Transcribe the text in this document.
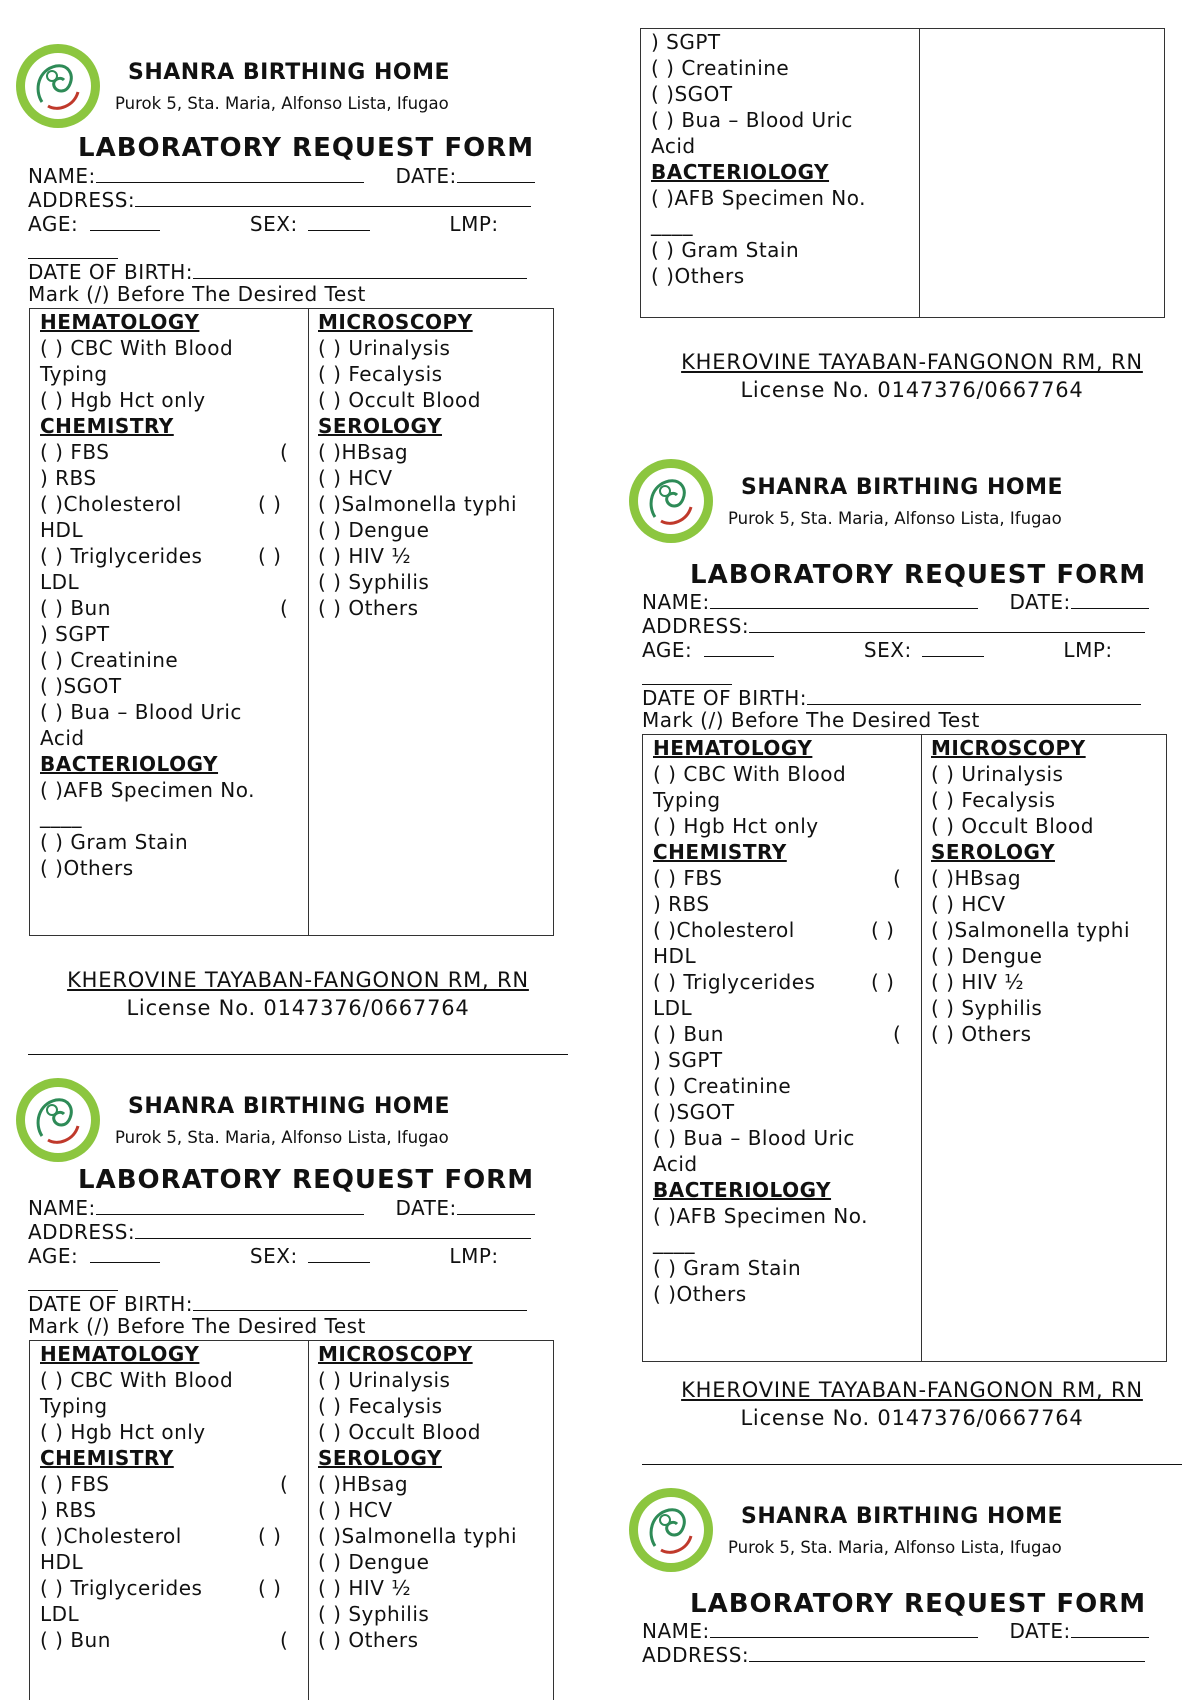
SHANRA BIRTHING HOME
Purok 5, Sta. Maria, Alfonso Lista, Ifugao
LABORATORY REQUEST FORM
NAME:	DATE:
ADDRESS:
AGE:	SEX:	LMP:
DATE OF BIRTH:
Mark (/) Before The Desired Test
HEMATOLOGY
( ) CBC With Blood
Typing
( ) Hgb Hct only
CHEMISTRY
( ) FBS	(
) RBS
( )Cholesterol	( )
HDL
( ) Triglycerides	( )
LDL
( ) Bun	(
) SGPT
( ) Creatinine
( )SGOT
( ) Bua – Blood Uric
Acid
BACTERIOLOGY
( )AFB Specimen No.
____
( ) Gram Stain
( )Others
MICROSCOPY
( ) Urinalysis
( ) Fecalysis
( ) Occult Blood
SEROLOGY
( )HBsag
( ) HCV
( )Salmonella typhi
( ) Dengue
( ) HIV ½
( ) Syphilis
( ) Others
KHEROVINE TAYABAN-FANGONON RM, RN
License No. 0147376/0667764
SHANRA BIRTHING HOME
Purok 5, Sta. Maria, Alfonso Lista, Ifugao
LABORATORY REQUEST FORM
NAME:	DATE:
ADDRESS:
AGE:	SEX:	LMP:
DATE OF BIRTH:
Mark (/) Before The Desired Test
HEMATOLOGY
( ) CBC With Blood
Typing
( ) Hgb Hct only
CHEMISTRY
( ) FBS	(
) RBS
( )Cholesterol	( )
HDL
( ) Triglycerides	( )
LDL
( ) Bun	(
MICROSCOPY
( ) Urinalysis
( ) Fecalysis
( ) Occult Blood
SEROLOGY
( )HBsag
( ) HCV
( )Salmonella typhi
( ) Dengue
( ) HIV ½
( ) Syphilis
( ) Others
) SGPT
( ) Creatinine
( )SGOT
( ) Bua – Blood Uric
Acid
BACTERIOLOGY
( )AFB Specimen No.
____
( ) Gram Stain
( )Others
KHEROVINE TAYABAN-FANGONON RM, RN
License No. 0147376/0667764
SHANRA BIRTHING HOME
Purok 5, Sta. Maria, Alfonso Lista, Ifugao
LABORATORY REQUEST FORM
NAME:	DATE:
ADDRESS:
AGE:	SEX:	LMP:
DATE OF BIRTH:
Mark (/) Before The Desired Test
HEMATOLOGY
( ) CBC With Blood
Typing
( ) Hgb Hct only
CHEMISTRY
( ) FBS	(
) RBS
( )Cholesterol	( )
HDL
( ) Triglycerides	( )
LDL
( ) Bun	(
) SGPT
( ) Creatinine
( )SGOT
( ) Bua – Blood Uric
Acid
BACTERIOLOGY
( )AFB Specimen No.
____
( ) Gram Stain
( )Others
MICROSCOPY
( ) Urinalysis
( ) Fecalysis
( ) Occult Blood
SEROLOGY
( )HBsag
( ) HCV
( )Salmonella typhi
( ) Dengue
( ) HIV ½
( ) Syphilis
( ) Others
KHEROVINE TAYABAN-FANGONON RM, RN
License No. 0147376/0667764
SHANRA BIRTHING HOME
Purok 5, Sta. Maria, Alfonso Lista, Ifugao
LABORATORY REQUEST FORM
NAME:	DATE:
ADDRESS:
